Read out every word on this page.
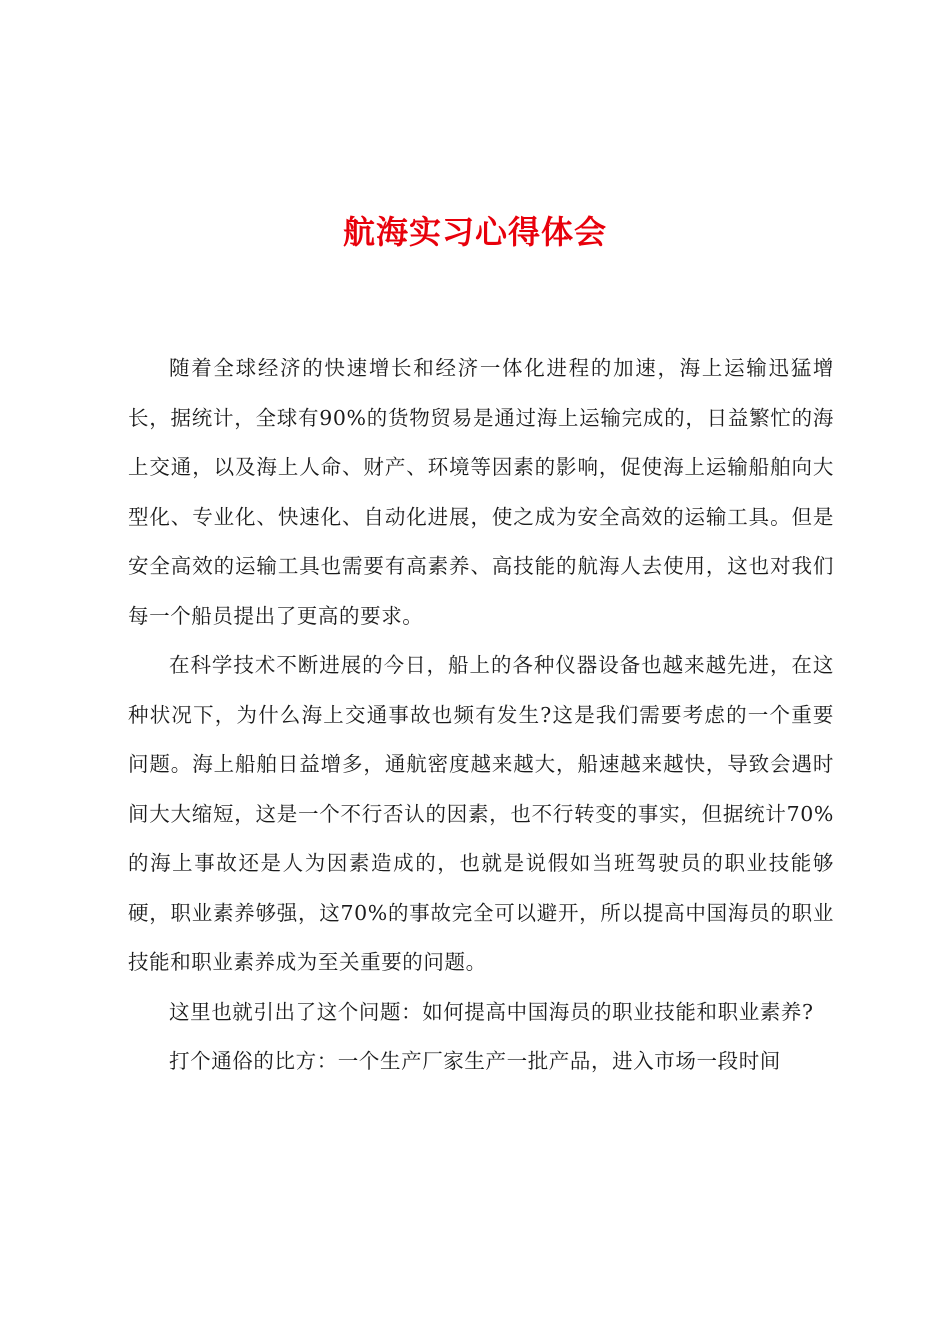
航海实习心得体会

随着全球经济的快速增长和经济一体化进程的加速，海上运输迅猛增长，据统计，全球有90%的货物贸易是通过海上运输完成的，日益繁忙的海上交通，以及海上人命、财产、环境等因素的影响，促使海上运输船舶向大型化、专业化、快速化、自动化进展，使之成为安全高效的运输工具。但是安全高效的运输工具也需要有高素养、高技能的航海人去使用，这也对我们每一个船员提出了更高的要求。

在科学技术不断进展的今日，船上的各种仪器设备也越来越先进，在这种状况下，为什么海上交通事故也频有发生?这是我们需要考虑的一个重要问题。海上船舶日益增多，通航密度越来越大，船速越来越快，导致会遇时间大大缩短，这是一个不行否认的因素，也不行转变的事实，但据统计70%的海上事故还是人为因素造成的，也就是说假如当班驾驶员的职业技能够硬，职业素养够强，这70%的事故完全可以避开，所以提高中国海员的职业技能和职业素养成为至关重要的问题。

这里也就引出了这个问题：如何提高中国海员的职业技能和职业素养?

打个通俗的比方：一个生产厂家生产一批产品，进入市场一段时间
